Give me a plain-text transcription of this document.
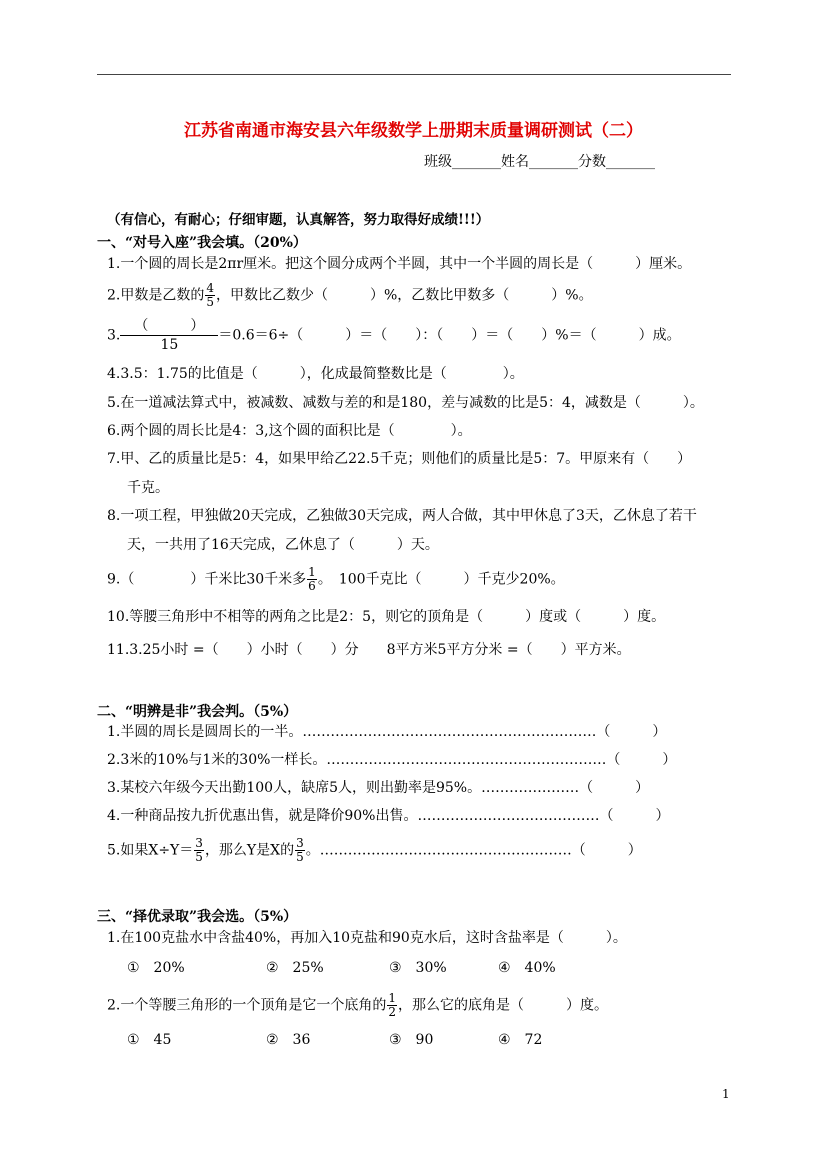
江苏省南通市海安县六年级数学上册期末质量调研测试（二）
班级_______姓名_______分数_______
（有信心，有耐心；仔细审题，认真解答，努力取得好成绩!!!）
一、“对号入座”我会填。（20%）
1.一个圆的周长是2πr厘米。把这个圆分成两个半圆，其中一个半圆的周长是（　　　）厘米。
2.甲数是乙数的 $\frac{4}{5}$ ，甲数比乙数少（　　　）%，乙数比甲数多（　　　）%。
3.
（　　　）
15
＝0.6＝6÷（　　　）＝（　　）：（　　）＝（　　）%＝（　　　）成。
4.3.5：1.75的比值是（　　　），化成最简整数比是（　　　　）。
5.在一道减法算式中，被减数、减数与差的和是180，差与减数的比是5：4，减数是（　　　）。
6.两个圆的周长比是4：3,这个圆的面积比是（　　　　）。
7.甲、乙的质量比是5：4，如果甲给乙22.5千克；则他们的质量比是5：7。甲原来有（　　）
千克。
8.一项工程，甲独做20天完成，乙独做30天完成，两人合做，其中甲休息了3天，乙休息了若干
天，一共用了16天完成，乙休息了（　　　）天。
9.（　　　　）千米比30千米多 $\frac{1}{6}$ 。　100千克比（　　　）千克少20%。
10.等腰三角形中不相等的两角之比是2：5，则它的顶角是（　　　）度或（　　　）度。
11.3.25小时 =（　　）小时（　　）分　　8平方米5平方分米 =（　　）平方米。
二、“明辨是非”我会判。（5%）
1.半圆的周长是圆周长的一半。………………………………………………………（　　　）
2.3米的10%与1米的30%一样长。……………………………………………………（　　　）
3.某校六年级今天出勤100人，缺席5人，则出勤率是95%。…………………（　　　）
4.一种商品按九折优惠出售，就是降价90%出售。…………………………………（　　　）
5.如果$X\div Y= \frac{3}{5}$ ，那么Y是X的 $\frac{3}{5}$ 。………………………………………………（　　　）
三、“择优录取”我会选。（5%）
1.在100克盐水中含盐40%，再加入10克盐和90克水后，这时含盐率是（　　　）。
①　20%	②　25%	③　30%	④　40%
2.一个等腰三角形的一个顶角是它一个底角的 $\frac{1}{2}$ ，那么它的底角是（　　　）度。
①　45	②　36	③　90	④　72
1
